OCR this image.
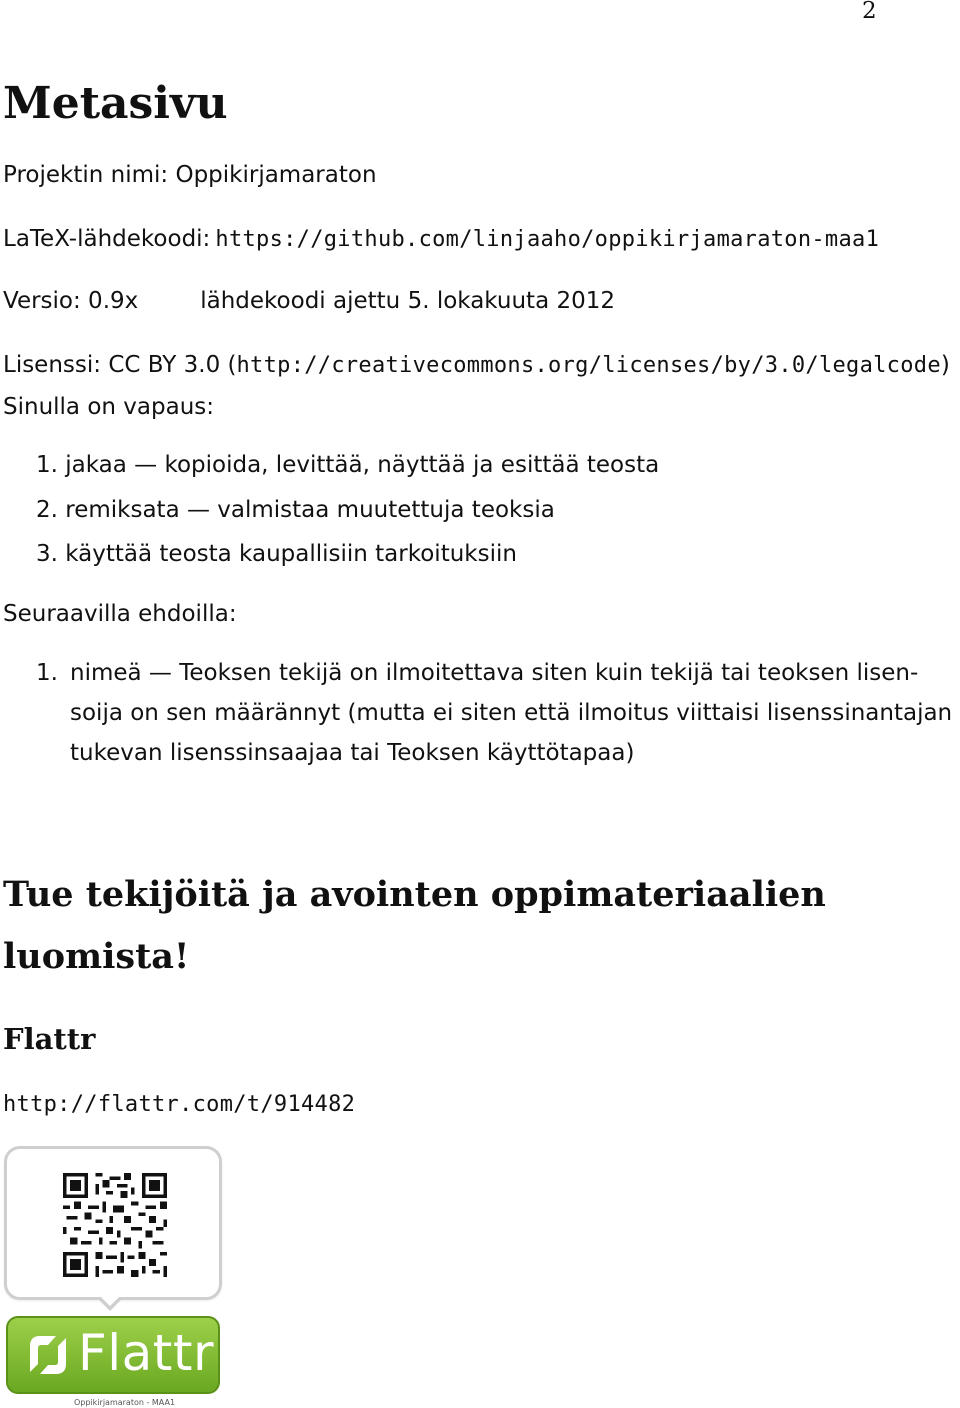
2
Metasivu
Projektin nimi: Oppikirjamaraton
LaTeX-lähdekoodi: https://github.com/linjaaho/oppikirjamaraton-maa1
Versio: 0.9x	lähdekoodi ajettu 5. lokakuuta 2012
Lisenssi: CC BY 3.0 (http://creativecommons.org/licenses/by/3.0/legalcode)
Sinulla on vapaus:
1. jakaa — kopioida, levittää, näyttää ja esittää teosta
2. remiksata — valmistaa muutettuja teoksia
3. käyttää teosta kaupallisiin tarkoituksiin
Seuraavilla ehdoilla:
1. nimeä — Teoksen tekijä on ilmoitettava siten kuin tekijä tai teoksen lisen-
soija on sen määrännyt (mutta ei siten että ilmoitus viittaisi lisenssinantajan
tukevan lisenssinsaajaa tai Teoksen käyttötapaa)
Tue tekijöitä ja avointen oppimateriaalien
luomista!
Flattr
http://flattr.com/t/914482
Flattr
Oppikirjamaraton - MAA1
